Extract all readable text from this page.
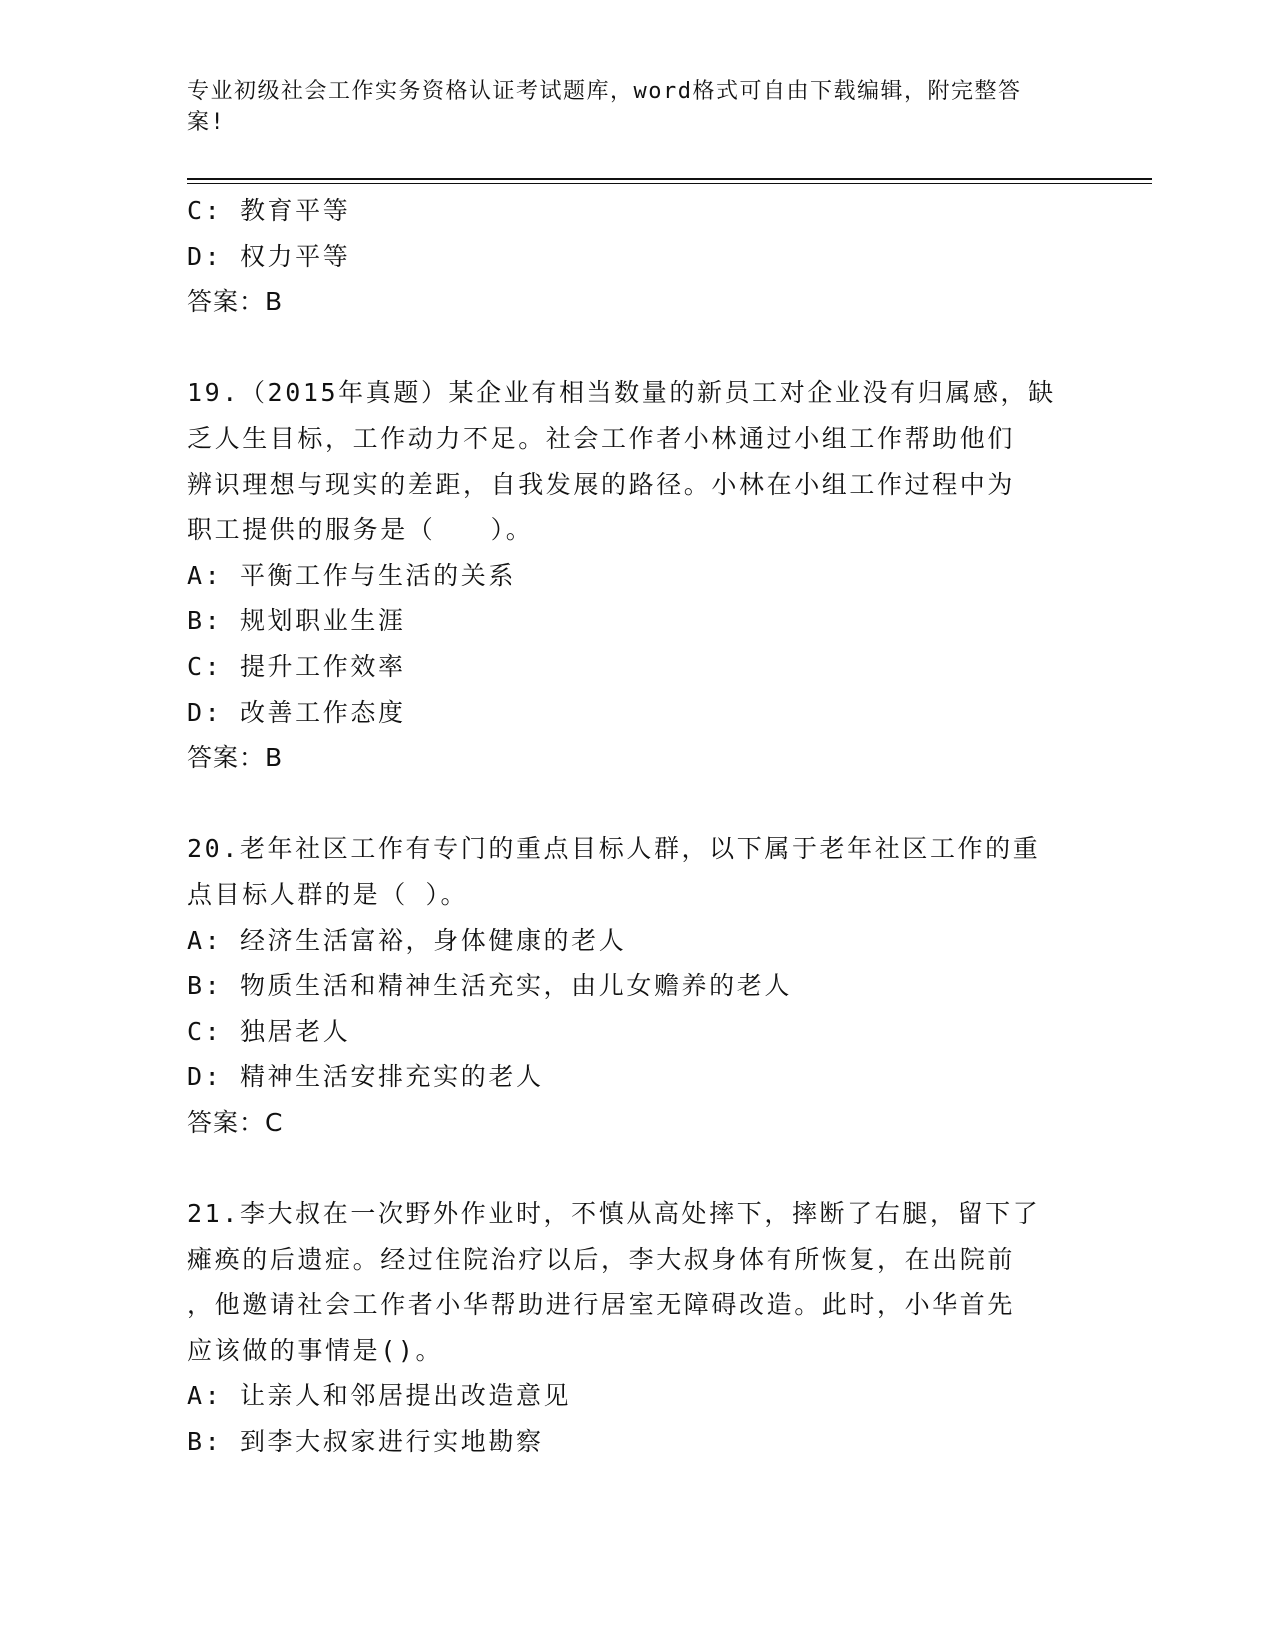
专业初级社会工作实务资格认证考试题库，word格式可自由下载编辑，附完整答
案!
C: 教育平等
D: 权力平等
答案：B
19.（2015年真题）某企业有相当数量的新员工对企业没有归属感，缺
乏人生目标，工作动力不足。社会工作者小林通过小组工作帮助他们
辨识理想与现实的差距，自我发展的路径。小林在小组工作过程中为
职工提供的服务是（　　）。
A: 平衡工作与生活的关系
B: 规划职业生涯
C: 提升工作效率
D: 改善工作态度
答案：B
20.老年社区工作有专门的重点目标人群，以下属于老年社区工作的重
点目标人群的是（ ）。
A: 经济生活富裕，身体健康的老人
B: 物质生活和精神生活充实，由儿女赡养的老人
C: 独居老人
D: 精神生活安排充实的老人
答案：C
21.李大叔在一次野外作业时，不慎从高处摔下，摔断了右腿，留下了
瘫痪的后遗症。经过住院治疗以后，李大叔身体有所恢复，在出院前
，他邀请社会工作者小华帮助进行居室无障碍改造。此时，小华首先
应该做的事情是()。
A: 让亲人和邻居提出改造意见
B: 到李大叔家进行实地勘察
